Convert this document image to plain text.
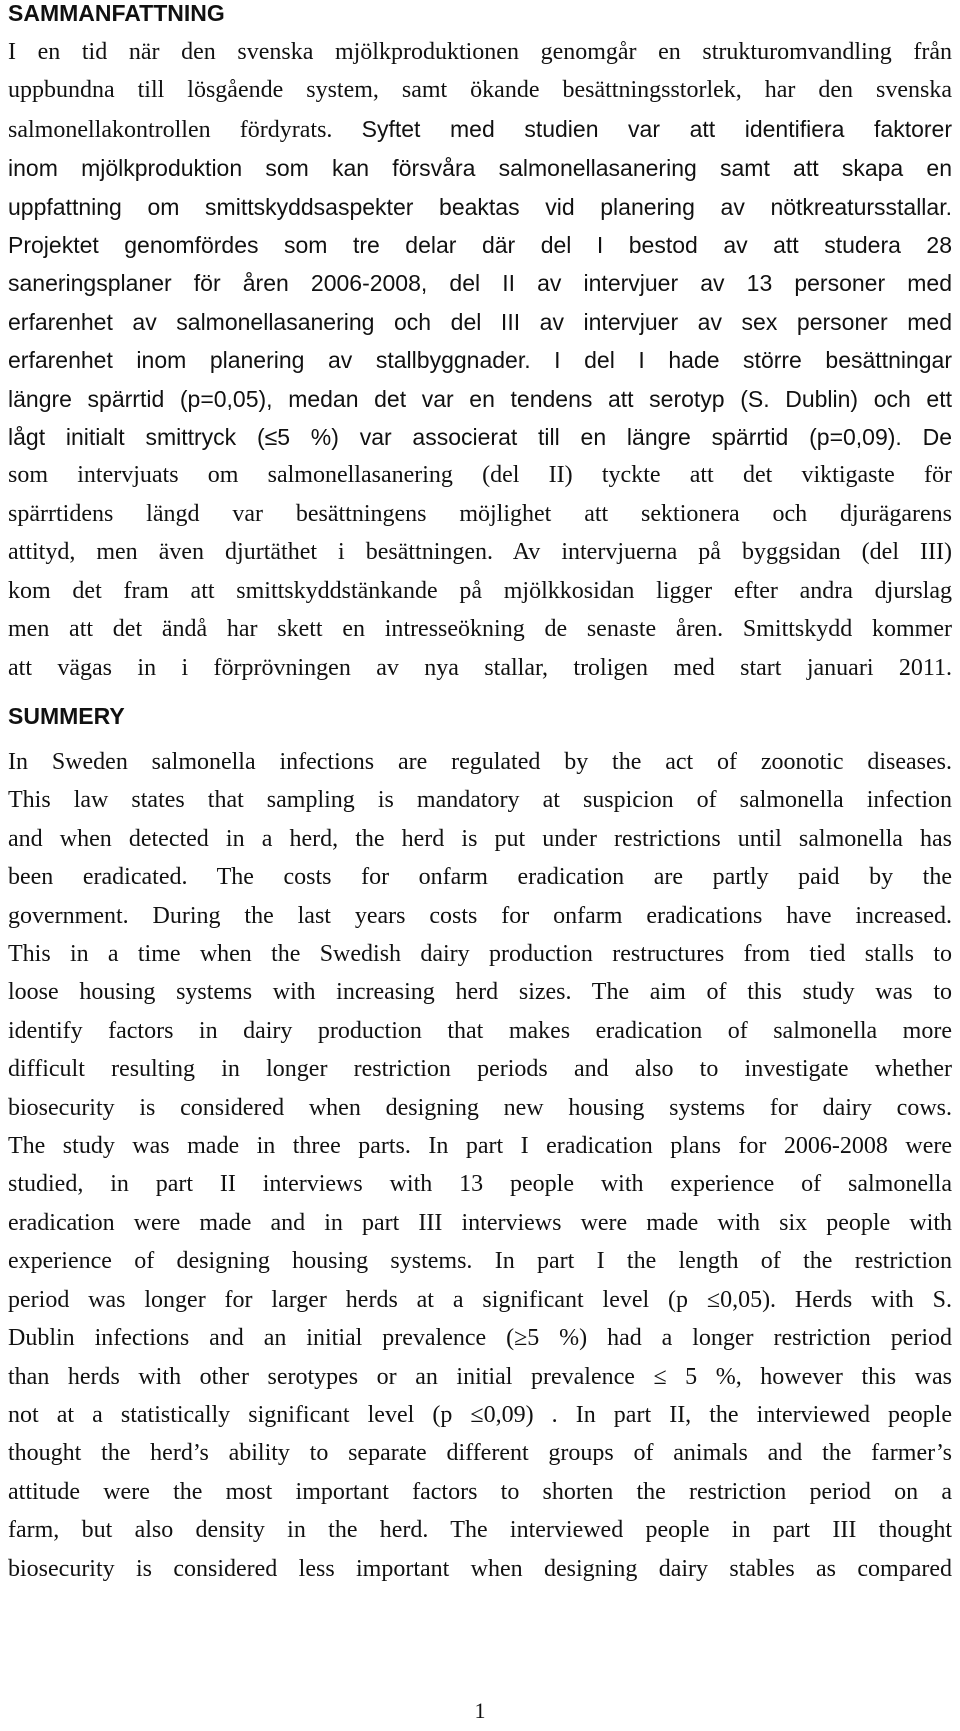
SAMMANFATTNING
I en tid när den svenska mjölkproduktionen genomgår en strukturomvandling från
uppbundna till lösgående system, samt ökande besättningsstorlek, har den svenska
salmonellakontrollen fördyrats. Syftet med studien var att identifiera faktorer
inom mjölkproduktion som kan försvåra salmonellasanering samt att skapa en
uppfattning om smittskyddsaspekter beaktas vid planering av nötkreatursstallar.
Projektet genomfördes som tre delar där del I bestod av att studera 28
saneringsplaner för åren 2006-2008, del II av intervjuer av 13 personer med
erfarenhet av salmonellasanering och del III av intervjuer av sex personer med
erfarenhet inom planering av stallbyggnader. I del I hade större besättningar
längre spärrtid (p=0,05), medan det var en tendens att serotyp (S. Dublin) och ett
lågt initialt smittryck (≤5 %) var associerat till en längre spärrtid (p=0,09). De
som intervjuats om salmonellasanering (del II) tyckte att det viktigaste för
spärrtidens längd var besättningens möjlighet att sektionera och djurägarens
attityd, men även djurtäthet i besättningen. Av intervjuerna på byggsidan (del III)
kom det fram att smittskyddstänkande på mjölkkosidan ligger efter andra djurslag
men att det ändå har skett en intresseökning de senaste åren. Smittskydd kommer
att vägas in i förprövningen av nya stallar, troligen med start januari 2011.
SUMMERY
In Sweden salmonella infections are regulated by the act of zoonotic diseases.
This law states that sampling is mandatory at suspicion of salmonella infection
and when detected in a herd, the herd is put under restrictions until salmonella has
been eradicated. The costs for onfarm eradication are partly paid by the
government. During the last years costs for onfarm eradications have increased.
This in a time when the Swedish dairy production restructures from tied stalls to
loose housing systems with increasing herd sizes. The aim of this study was to
identify factors in dairy production that makes eradication of salmonella more
difficult resulting in longer restriction periods and also to investigate whether
biosecurity is considered when designing new housing systems for dairy cows.
The study was made in three parts. In part I eradication plans for 2006-2008 were
studied, in part II interviews with 13 people with experience of salmonella
eradication were made and in part III interviews were made with six people with
experience of designing housing systems. In part I the length of the restriction
period was longer for larger herds at a significant level (p ≤0,05). Herds with S.
Dublin infections and an initial prevalence (≥5 %) had a longer restriction period
than herds with other serotypes or an initial prevalence ≤ 5 %, however this was
not at a statistically significant level (p ≤0,09) . In part II, the interviewed people
thought the herd’s ability to separate different groups of animals and the farmer’s
attitude were the most important factors to shorten the restriction period on a
farm, but also density in the herd. The interviewed people in part III thought
biosecurity is considered less important when designing dairy stables as compared

1
